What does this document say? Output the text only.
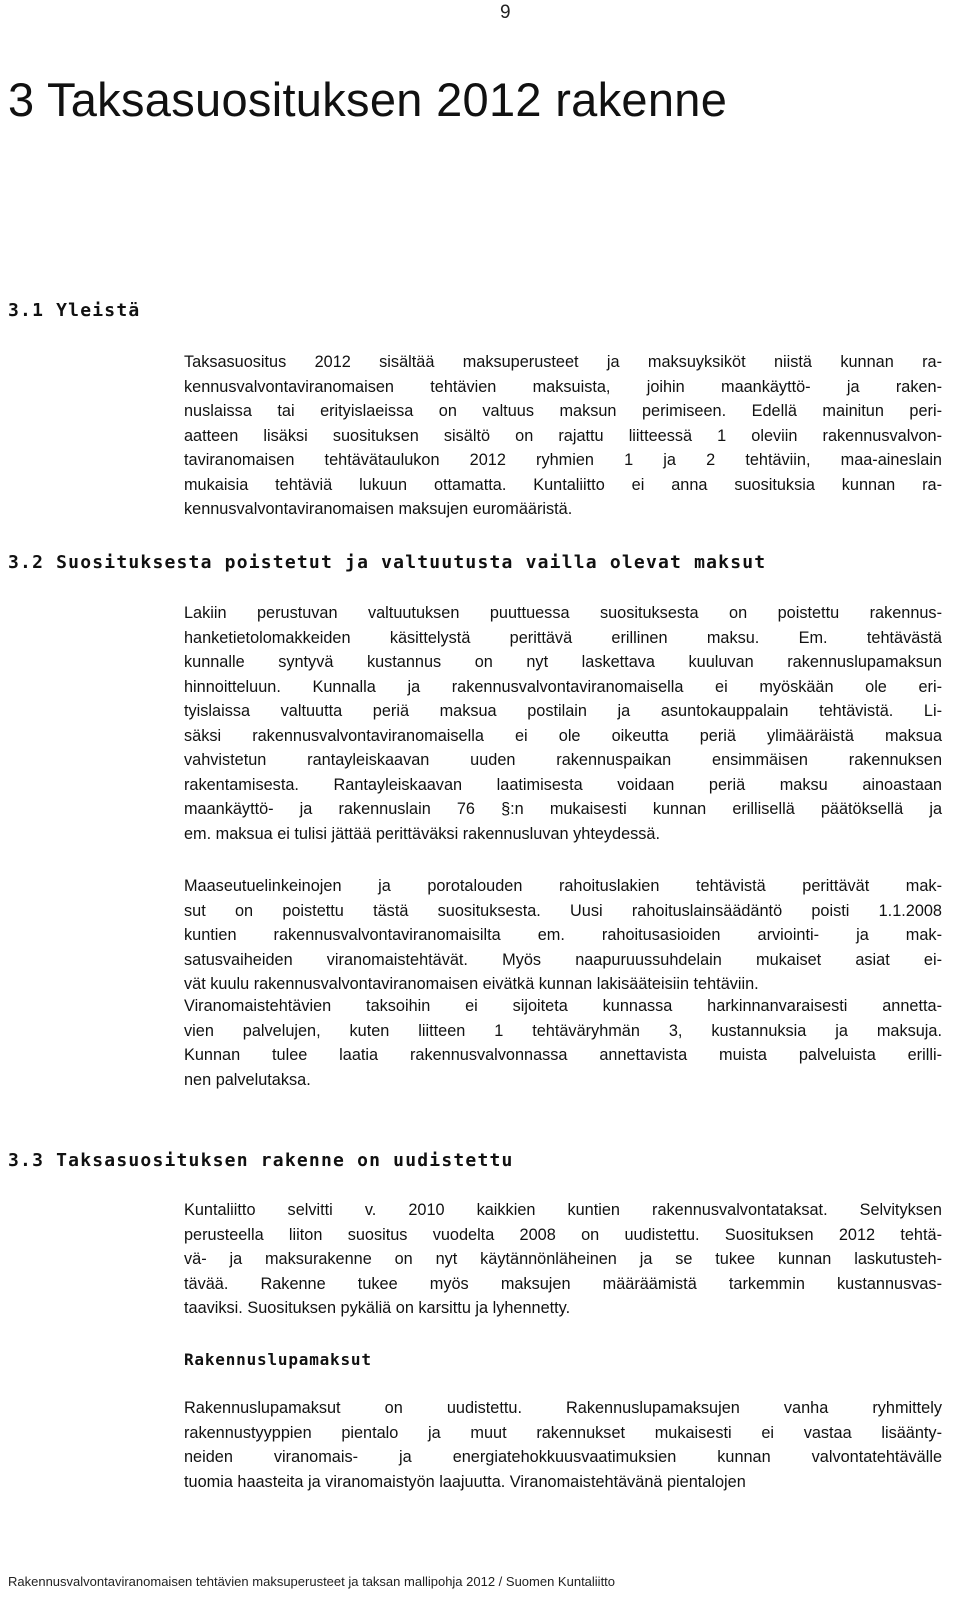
9
3 Taksasuosituksen 2012 rakenne
3.1 Yleistä
Taksasuositus 2012 sisältää maksuperusteet ja maksuyksiköt niistä kunnan ra-
kennusvalvontaviranomaisen tehtävien maksuista, joihin maankäyttö- ja raken-
nuslaissa tai erityislaeissa on valtuus maksun perimiseen. Edellä mainitun peri-
aatteen lisäksi suosituksen sisältö on rajattu liitteessä 1 oleviin rakennusvalvon-
taviranomaisen tehtävätaulukon 2012 ryhmien 1 ja 2 tehtäviin, maa-aineslain
mukaisia tehtäviä lukuun ottamatta. Kuntaliitto ei anna suosituksia kunnan ra-
kennusvalvontaviranomaisen maksujen euromääristä.
3.2 Suosituksesta poistetut ja valtuutusta vailla olevat maksut
Lakiin perustuvan valtuutuksen puuttuessa suosituksesta on poistettu rakennus-
hanketietolomakkeiden käsittelystä perittävä erillinen maksu. Em. tehtävästä
kunnalle syntyvä kustannus on nyt laskettava kuuluvan rakennuslupamaksun
hinnoitteluun. Kunnalla ja rakennusvalvontaviranomaisella ei myöskään ole eri-
tyislaissa valtuutta periä maksua postilain ja asuntokauppalain tehtävistä. Li-
säksi rakennusvalvontaviranomaisella ei ole oikeutta periä ylimääräistä maksua
vahvistetun rantayleiskaavan uuden rakennuspaikan ensimmäisen rakennuksen
rakentamisesta. Rantayleiskaavan laatimisesta voidaan periä maksu ainoastaan
maankäyttö- ja rakennuslain 76 §:n mukaisesti kunnan erillisellä päätöksellä ja
em. maksua ei tulisi jättää perittäväksi rakennusluvan yhteydessä.
Maaseutuelinkeinojen ja porotalouden rahoituslakien tehtävistä perittävät mak-
sut on poistettu tästä suosituksesta. Uusi rahoituslainsäädäntö poisti 1.1.2008
kuntien rakennusvalvontaviranomaisilta em. rahoitusasioiden arviointi- ja mak-
satusvaiheiden viranomaistehtävät. Myös naapuruussuhdelain mukaiset asiat ei-
vät kuulu rakennusvalvontaviranomaisen eivätkä kunnan lakisääteisiin tehtäviin.
Viranomaistehtävien taksoihin ei sijoiteta kunnassa harkinnanvaraisesti annetta-
vien palvelujen, kuten liitteen 1 tehtäväryhmän 3, kustannuksia ja maksuja.
Kunnan tulee laatia rakennusvalvonnassa annettavista muista palveluista erilli-
nen palvelutaksa.
3.3 Taksasuosituksen rakenne on uudistettu
Kuntaliitto selvitti v. 2010 kaikkien kuntien rakennusvalvontataksat. Selvityksen
perusteella liiton suositus vuodelta 2008 on uudistettu. Suosituksen 2012 tehtä-
vä- ja maksurakenne on nyt käytännönläheinen ja se tukee kunnan laskutusteh-
tävää. Rakenne tukee myös maksujen määräämistä tarkemmin kustannusvas-
taaviksi. Suosituksen pykäliä on karsittu ja lyhennetty.
Rakennuslupamaksut
Rakennuslupamaksut on uudistettu. Rakennuslupamaksujen vanha ryhmittely
rakennustyyppien pientalo ja muut rakennukset mukaisesti ei vastaa lisäänty-
neiden viranomais- ja energiatehokkuusvaatimuksien kunnan valvontatehtävälle
tuomia haasteita ja viranomaistyön laajuutta. Viranomaistehtävänä pientalojen
Rakennusvalvontaviranomaisen tehtävien maksuperusteet ja taksan mallipohja 2012 / Suomen Kuntaliitto
